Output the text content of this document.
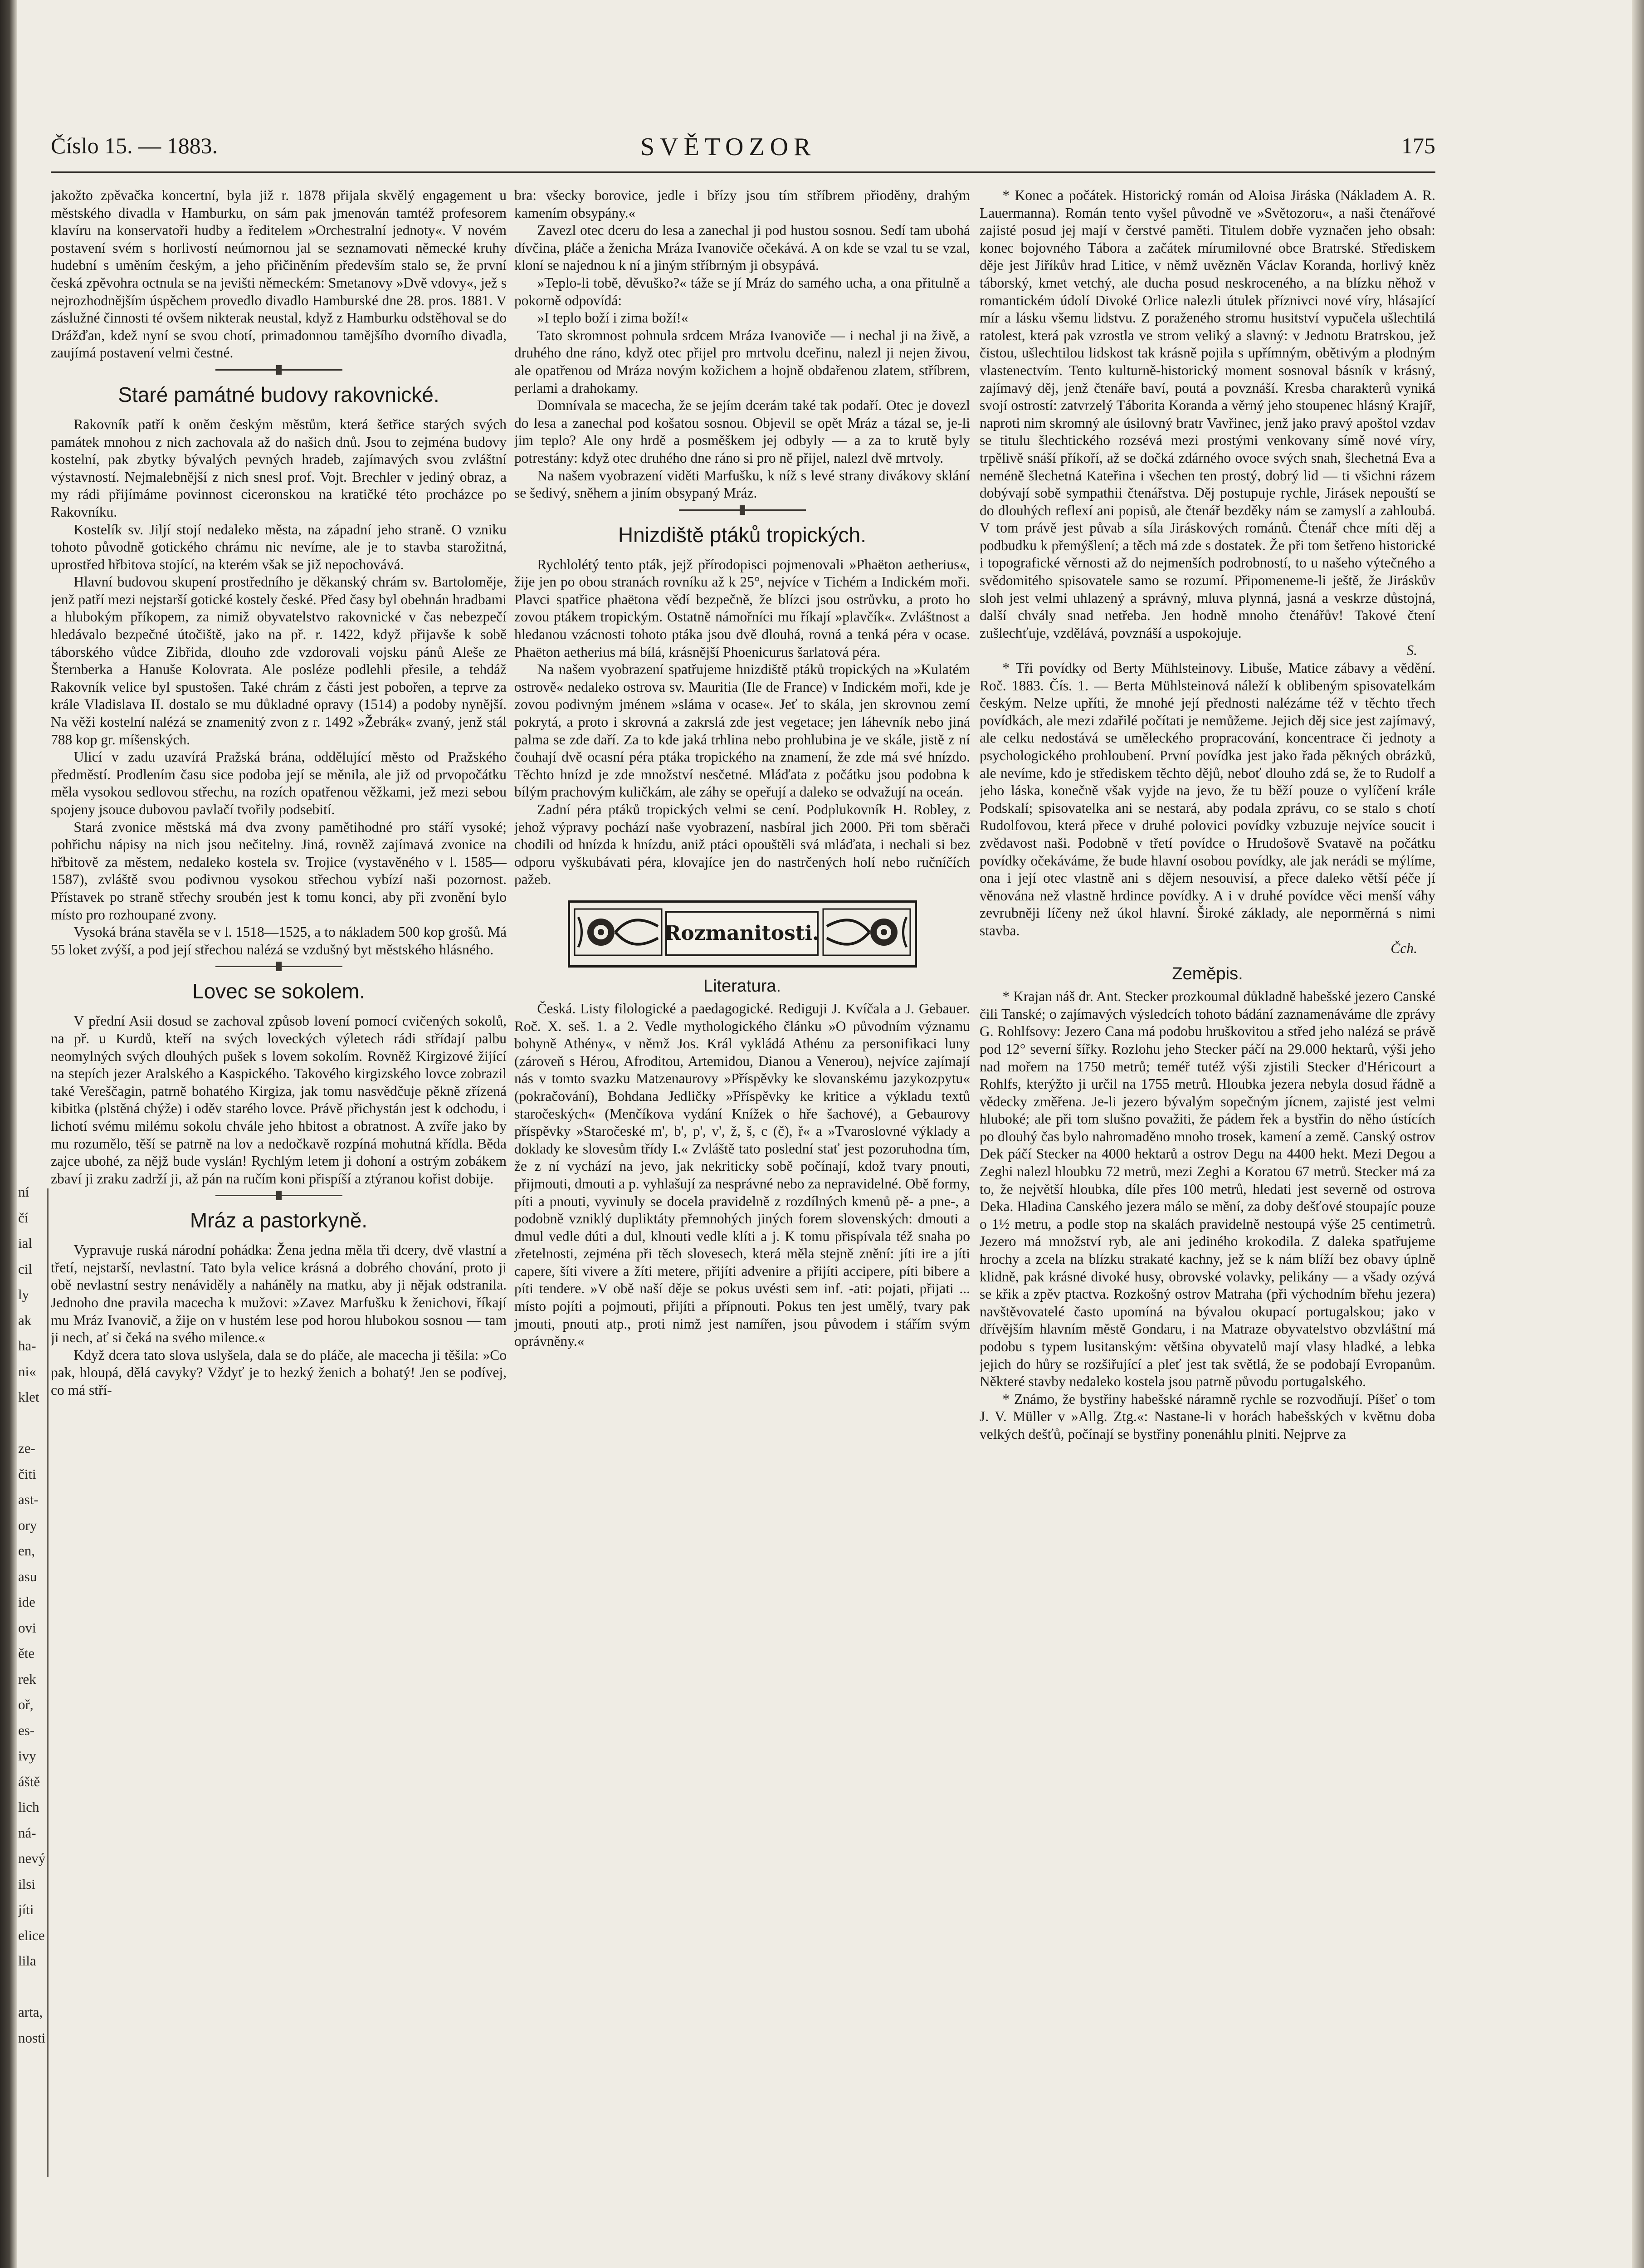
ní
čí
ial
cil
ly
ak
ha-
ni«
klet

ze-
čiti
ast-
ory
en,
asu
ide
ovi
ěte
rek
oř,
es-
ivy
áště
lich
ná-
nevý
ilsi
jíti
elice
lila

arta,
nosti
Číslo 15. — 1883.	SVĚTOZOR	175

jakožto zpěvačka koncertní, byla již r. 1878 přijala skvělý engagement u městského divadla v Hamburku, on sám pak jmenován tamtéž profesorem klavíru na konservatoři hudby a ředitelem »Orchestralní jednoty«. V novém postavení svém s horlivostí neúmornou jal se seznamovati německé kruhy hudební s uměním českým, a jeho přičiněním především stalo se, že první česká zpěvohra octnula se na jevišti německém: Smetanovy »Dvě vdovy«, jež s nejrozhodnějším úspěchem provedlo divadlo Hamburské dne 28. pros. 1881. V záslužné činnosti té ovšem nikterak neustal, když z Hamburku odstěhoval se do Drážďan, kdež nyní se svou chotí, primadonnou tamějšího dvorního divadla, zaujímá postavení velmi čestné.

Staré památné budovy rakovnické.

Rakovník patří k oněm českým městům, která šetřice starých svých památek mnohou z nich zachovala až do našich dnů. Jsou to zejména budovy kostelní, pak zbytky bývalých pevných hradeb, zajímavých svou zvláštní výstavností. Nejmalebnější z nich snesl prof. Vojt. Brechler v jediný obraz, a my rádi přijímáme povinnost ciceronskou na kratičké této procházce po Rakovníku.

Kostelík sv. Jiljí stojí nedaleko města, na západní jeho straně. O vzniku tohoto původně gotického chrámu nic nevíme, ale je to stavba starožitná, uprostřed hřbitova stojící, na kterém však se již nepochovává.

Hlavní budovou skupení prostředního je děkanský chrám sv. Bartoloměje, jenž patří mezi nejstarší gotické kostely české. Před časy byl obehnán hradbami a hlubokým příkopem, za nimiž obyvatelstvo rakovnické v čas nebezpečí hledávalo bezpečné útočiště, jako na př. r. 1422, když přijavše k sobě táborského vůdce Zibřida, dlouho zde vzdorovali vojsku pánů Aleše ze Šternberka a Hanuše Kolovrata. Ale posléze podlehli přesile, a tehdáž Rakovník velice byl spustošen. Také chrám z části jest pobořen, a teprve za krále Vladislava II. dostalo se mu důkladné opravy (1514) a podoby nynější. Na věži kostelní nalézá se znamenitý zvon z r. 1492 »Žebrák« zvaný, jenž stál 788 kop gr. míšenských.

Ulicí v zadu uzavírá Pražská brána, oddělující město od Pražského předměstí. Prodlením času sice podoba její se měnila, ale již od prvopočátku měla vysokou sedlovou střechu, na rozích opatřenou věžkami, jež mezi sebou spojeny jsouce dubovou pavlačí tvořily podsebití.

Stará zvonice městská má dva zvony pamětihodné pro stáří vysoké; pohřichu nápisy na nich jsou nečitelny. Jiná, rovněž zajímavá zvonice na hřbitově za městem, nedaleko kostela sv. Trojice (vystavěného v l. 1585—1587), zvláště svou podivnou vysokou střechou vybízí naši pozornost. Přístavek po straně střechy sroubén jest k tomu konci, aby při zvonění bylo místo pro rozhoupané zvony.

Vysoká brána stavěla se v l. 1518—1525, a to nákladem 500 kop grošů. Má 55 loket zvýší, a pod její střechou nalézá se vzdušný byt městského hlásného.

Lovec se sokolem.

V přední Asii dosud se zachoval způsob lovení pomocí cvičených sokolů, na př. u Kurdů, kteří na svých loveckých výletech rádi střídají palbu neomylných svých dlouhých pušek s lovem sokolím. Rovněž Kirgizové žijící na stepích jezer Aralského a Kaspického. Takového kirgizského lovce zobrazil také Vereščagin, patrně bohatého Kirgiza, jak tomu nasvědčuje pěkně zřízená kibitka (plstěná chýže) i oděv starého lovce. Právě přichystán jest k odchodu, i lichotí svému milému sokolu chvále jeho hbitost a obratnost. A zvíře jako by mu rozumělo, těší se patrně na lov a nedočkavě rozpíná mohutná křídla. Běda zajce ubohé, za nějž bude vyslán! Rychlým letem ji dohoní a ostrým zobákem zbaví ji zraku zadrží ji, až pán na ručím koni přispíší a ztýranou kořist dobije.

Mráz a pastorkyně.

Vypravuje ruská národní pohádka: Žena jedna měla tři dcery, dvě vlastní a třetí, nejstarší, nevlastní. Tato byla velice krásná a dobrého chování, proto ji obě nevlastní sestry nenáviděly a naháněly na matku, aby ji nějak odstranila. Jednoho dne pravila macecha k mužovi: »Zavez Marfušku k ženichovi, říkají mu Mráz Ivanovič, a žije on v hustém lese pod horou hlubokou sosnou — tam ji nech, ať si čeká na svého milence.«

Když dcera tato slova uslyšela, dala se do pláče, ale macecha ji těšila: »Co pak, hloupá, dělá cavyky? Vždyť je to hezký ženich a bohatý! Jen se podívej, co má stří-

bra: všecky borovice, jedle i břízy jsou tím stříbrem přioděny, drahým kamením obsypány.«

Zavezl otec dceru do lesa a zanechal ji pod hustou sosnou. Sedí tam ubohá dívčina, pláče a ženicha Mráza Ivanoviče očekává. A on kde se vzal tu se vzal, kloní se najednou k ní a jiným stříbrným ji obsypává.

»Teplo-li tobě, děvuško?« táže se jí Mráz do samého ucha, a ona přitulně a pokorně odpovídá:

»I teplo boží i zima boží!«

Tato skromnost pohnula srdcem Mráza Ivanoviče — i nechal ji na živě, a druhého dne ráno, když otec přijel pro mrtvolu dceřinu, nalezl ji nejen živou, ale opatřenou od Mráza novým kožichem a hojně obdařenou zlatem, stříbrem, perlami a drahokamy.

Domnívala se macecha, že se jejím dcerám také tak podaří. Otec je dovezl do lesa a zanechal pod košatou sosnou. Objevil se opět Mráz a tázal se, je-li jim teplo? Ale ony hrdě a posměškem jej odbyly — a za to krutě byly potrestány: když otec druhého dne ráno si pro ně přijel, nalezl dvě mrtvoly.

Na našem vyobrazení viděti Marfušku, k níž s levé strany divákovy sklání se šedivý, sněhem a jiním obsypaný Mráz.

Hnizdiště ptáků tropických.

Rychlolétý tento pták, jejž přírodopisci pojmenovali »Phaëton aetherius«, žije jen po obou stranách rovníku až k 25°, nejvíce v Tichém a Indickém moři. Plavci spatřice phaëtona vědí bezpečně, že blízci jsou ostrůvku, a proto ho zovou ptákem tropickým. Ostatně námořníci mu říkají »plavčík«. Zvláštnost a hledanou vzácnosti tohoto ptáka jsou dvě dlouhá, rovná a tenká péra v ocase. Phaëton aetherius má bílá, krásnější Phoenicurus šarlatová péra.

Na našem vyobrazení spatřujeme hnizdiště ptáků tropických na »Kulatém ostrově« nedaleko ostrova sv. Mauritia (Ile de France) v Indickém moři, kde je zovou podivným jménem »sláma v ocase«. Jeť to skála, jen skrovnou zemí pokrytá, a proto i skrovná a zakrslá zde jest vegetace; jen láhevník nebo jiná palma se zde daří. Za to kde jaká trhlina nebo prohlubina je ve skále, jistě z ní čouhají dvě ocasní péra ptáka tropického na znamení, že zde má své hnízdo. Těchto hnízd je zde množství nesčetné. Mláďata z počátku jsou podobna k bílým prachovým kuličkám, ale záhy se opeřují a daleko se odvažují na oceán.

Zadní péra ptáků tropických velmi se cení. Podplukovník H. Robley, z jehož výpravy pochází naše vyobrazení, nasbíral jich 2000. Při tom sběrači chodili od hnízda k hnízdu, aniž ptáci opouštěli svá mláďata, i nechali si bez odporu vyškubávati péra, klovajíce jen do nastrčených holí nebo ručníčích pažeb.

Rozmanitosti.
Literatura.

Česká. Listy filologické a paedagogické. Rediguji J. Kvíčala a J. Gebauer. Roč. X. seš. 1. a 2. Vedle mythologického článku »O původním významu bohyně Athény«, v němž Jos. Král vykládá Athénu za personifikaci luny (zároveň s Hérou, Afroditou, Artemidou, Dianou a Venerou), nejvíce zajímají nás v tomto svazku Matzenaurovy »Příspěvky ke slovanskému jazykozpytu« (pokračování), Bohdana Jedličky »Příspěvky ke kritice a výkladu textů staročeských« (Menčíkova vydání Knížek o hře šachové), a Gebaurovy příspěvky »Staročeské m', b', p', v', ž, š, c (č), ř« a »Tvaroslovné výklady a doklady ke slovesům třídy I.« Zvláště tato poslední stať jest pozoruhodna tím, že z ní vychází na jevo, jak nekriticky sobě počínají, kdož tvary pnouti, přijmouti, dmouti a p. vyhlašují za nesprávné nebo za nepravidelné. Obě formy, píti a pnouti, vyvinuly se docela pravidelně z rozdílných kmenů pě- a pne-, a podobně vzniklý dupliktáty přemnohých jiných forem slovenských: dmouti a dmul vedle dúti a dul, klnouti vedle klíti a j. K tomu přispívala též snaha po zřetelnosti, zejména při těch slovesech, která měla stejně znění: jíti ire a jíti capere, šíti vivere a žíti metere, přijíti advenire a přijíti accipere, píti bibere a píti tendere. »V obě naší děje se pokus uvésti sem inf. -ati: pojati, přijati ... místo pojíti a pojmouti, přijíti a přípnouti. Pokus ten jest umělý, tvary pak jmouti, pnouti atp., proti nimž jest namířen, jsou původem i stářím svým oprávněny.«

* Konec a počátek. Historický román od Aloisa Jiráska (Nákladem A. R. Lauermanna). Román tento vyšel původně ve »Světozoru«, a naši čtenářové zajisté posud jej mají v čerstvé paměti. Titulem dobře vyznačen jeho obsah: konec bojovného Tábora a začátek mírumilovné obce Bratrské. Střediskem děje jest Jiříkův hrad Litice, v němž uvězněn Václav Koranda, horlivý kněz táborský, kmet vetchý, ale ducha posud neskroceného, a na blízku něhož v romantickém údolí Divoké Orlice nalezli útulek příznivci nové víry, hlásající mír a lásku všemu lidstvu. Z poraženého stromu husitství vypučela ušlechtilá ratolest, která pak vzrostla ve strom veliký a slavný: v Jednotu Bratrskou, jež čistou, ušlechtilou lidskost tak krásně pojila s upřímným, obětivým a plodným vlastenectvím. Tento kulturně-historický moment sosnoval básník v krásný, zajímavý děj, jenž čtenáře baví, poutá a povznáší. Kresba charakterů vyniká svojí ostrostí: zatvrzelý Táborita Koranda a věrný jeho stoupenec hlásný Krajíř, naproti nim skromný ale úsilovný bratr Vavřinec, jenž jako pravý apoštol vzdav se titulu šlechtického rozsévá mezi prostými venkovany símě nové víry, trpělivě snáší příkoří, až se dočká zdárného ovoce svých snah, šlechetná Eva a neméně šlechetná Kateřina i všechen ten prostý, dobrý lid — ti všichni rázem dobývají sobě sympathii čtenářstva. Děj postupuje rychle, Jirásek nepouští se do dlouhých reflexí ani popisů, ale čtenář bezděky nám se zamyslí a zahloubá. V tom právě jest půvab a síla Jiráskových románů. Čtenář chce míti děj a podbudku k přemýšlení; a těch má zde s dostatek. Že při tom šetřeno historické i topografické věrnosti až do nejmenších podrobností, to u našeho výtečného a svědomitého spisovatele samo se rozumí. Připomeneme-li ještě, že Jiráskův sloh jest velmi uhlazený a správný, mluva plynná, jasná a veskrze důstojná, další chvály snad netřeba. Jen hodně mnoho čtenářův! Takové čtení zušlechťuje, vzdělává, povznáší a uspokojuje.

S.

* Tři povídky od Berty Mühlsteinovy. Libuše, Matice zábavy a vědění. Roč. 1883. Čís. 1. — Berta Mühlsteinová náleží k oblibeným spisovatelkám českým. Nelze upříti, že mnohé její přednosti nalézáme též v těchto třech povídkách, ale mezi zdařilé počítati je nemůžeme. Jejich děj sice jest zajímavý, ale celku nedostává se uměleckého propracování, koncentrace či jednoty a psychologického prohloubení. První povídka jest jako řada pěkných obrázků, ale nevíme, kdo je střediskem těchto dějů, neboť dlouho zdá se, že to Rudolf a jeho láska, konečně však vyjde na jevo, že tu běží pouze o vylíčení krále Podskalí; spisovatelka ani se nestará, aby podala zprávu, co se stalo s chotí Rudolfovou, která přece v druhé polovici povídky vzbuzuje nejvíce soucit i zvědavost naši. Podobně v třetí povídce o Hrudošově Svatavě na počátku povídky očekáváme, že bude hlavní osobou povídky, ale jak nerádi se mýlíme, ona i její otec vlastně ani s dějem nesouvisí, a přece daleko větší péče jí věnována než vlastně hrdince povídky. A i v druhé povídce věci menší váhy zevrubněji líčeny než úkol hlavní. Široké základy, ale neporměrná s nimi stavba.

Čch.
Zeměpis.

* Krajan náš dr. Ant. Stecker prozkoumal důkladně habešské jezero Canské čili Tanské; o zajímavých výsledcích tohoto bádání zaznamenáváme dle zprávy G. Rohlfsovy: Jezero Cana má podobu hruškovitou a střed jeho nalézá se právě pod 12° severní šířky. Rozlohu jeho Stecker páčí na 29.000 hektarů, výši jeho nad mořem na 1750 metrů; teméř tutéž výši zjistili Stecker d'Héricourt a Rohlfs, kterýžto ji určil na 1755 metrů. Hloubka jezera nebyla dosud řádně a vědecky změřena. Je-li jezero bývalým sopečným jícnem, zajisté jest velmi hluboké; ale při tom slušno považiti, že pádem řek a bystřin do něho ústících po dlouhý čas bylo nahromaděno mnoho trosek, kamení a země. Canský ostrov Dek páčí Stecker na 4000 hektarů a ostrov Degu na 4400 hekt. Mezi Degou a Zeghi nalezl hloubku 72 metrů, mezi Zeghi a Koratou 67 metrů. Stecker má za to, že největší hloubka, díle přes 100 metrů, hledati jest severně od ostrova Deka. Hladina Canského jezera málo se mění, za doby dešťové stoupajíc pouze o 1½ metru, a podle stop na skalách pravidelně nestoupá výše 25 centimetrů. Jezero má množství ryb, ale ani jediného krokodila. Z daleka spatřujeme hrochy a zcela na blízku strakaté kachny, jež se k nám blíží bez obavy úplně klidně, pak krásné divoké husy, obrovské volavky, pelikány — a všady ozývá se křik a zpěv ptactva. Rozkošný ostrov Matraha (při východním břehu jezera) navštěvovatelé často upomíná na bývalou okupací portugalskou; jako v dřívějším hlavním městě Gondaru, i na Matraze obyvatelstvo obzvláštní má podobu s typem lusitanským: většina obyvatelů mají vlasy hladké, a lebka jejich do hůry se rozšiřující a pleť jest tak světlá, že se podobají Evropanům. Některé stavby nedaleko kostela jsou patrně původu portugalského.

* Známo, že bystřiny habešské náramně rychle se rozvodňují. Píšeť o tom J. V. Müller v »Allg. Ztg.«: Nastane-li v horách habešských v květnu doba velkých dešťů, počínají se bystřiny ponenáhlu plniti. Nejprve za
